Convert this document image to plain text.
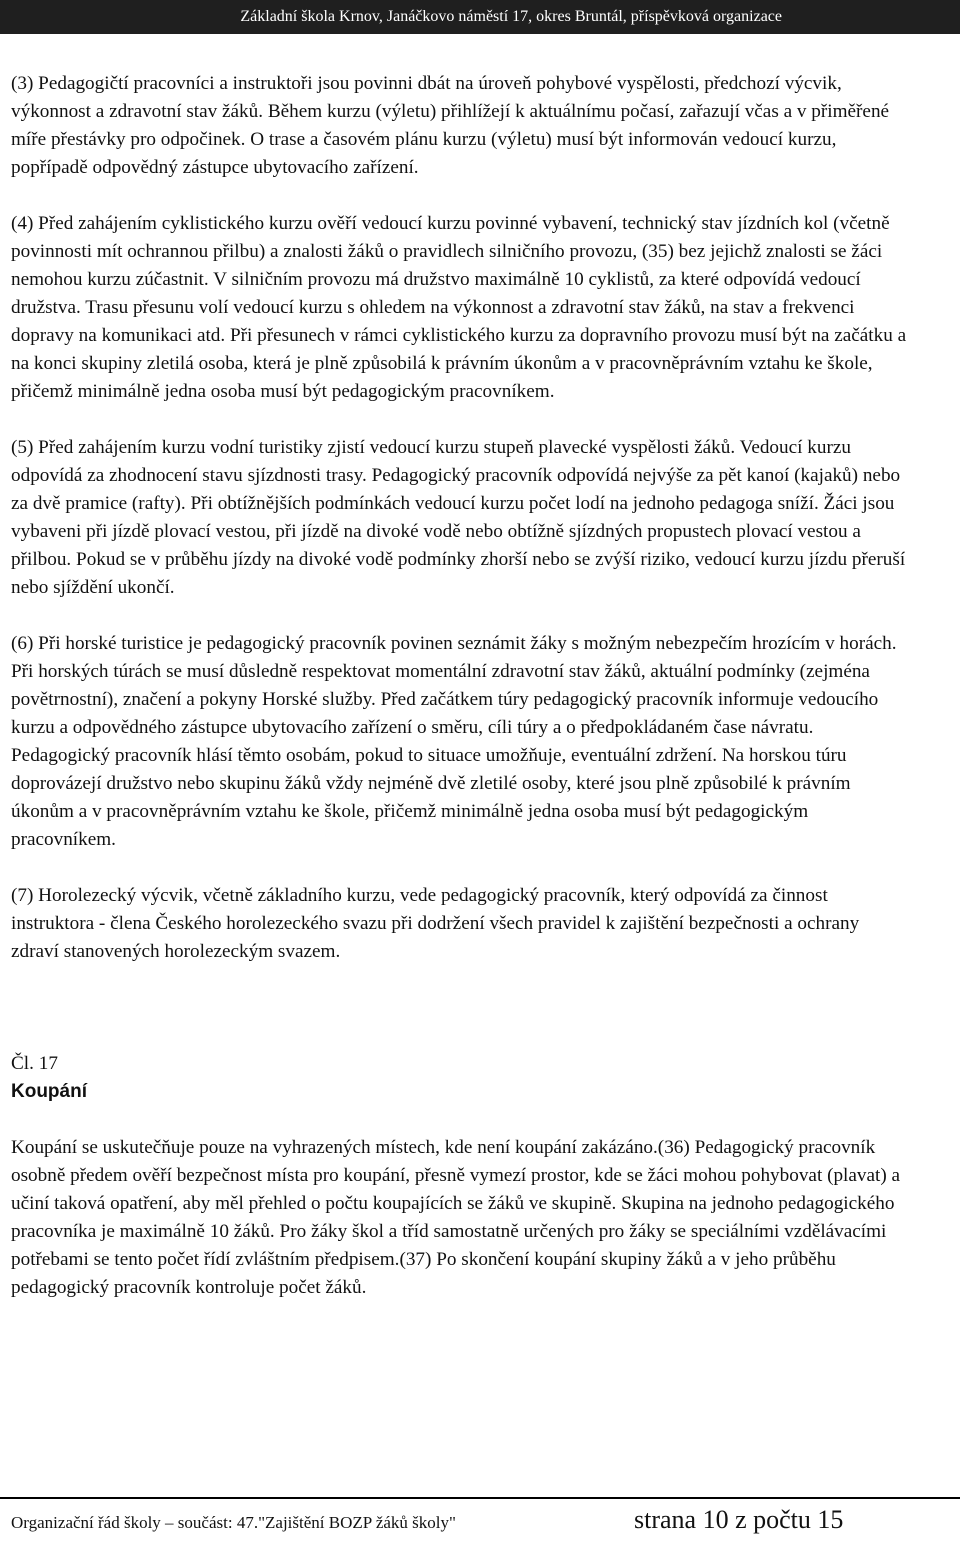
Základní škola Krnov, Janáčkovo náměstí 17, okres Bruntál, příspěvková organizace

(3) Pedagogičtí pracovníci a instruktoři jsou povinni dbát na úroveň pohybové vyspělosti, předchozí výcvik, výkonnost a zdravotní stav žáků. Během kurzu (výletu) přihlížejí k aktuálnímu počasí, zařazují včas a v přiměřené míře přestávky pro odpočinek. O trase a časovém plánu kurzu (výletu) musí být informován vedoucí kurzu, popřípadě odpovědný zástupce ubytovacího zařízení.

(4) Před zahájením cyklistického kurzu ověří vedoucí kurzu povinné vybavení, technický stav jízdních kol (včetně povinnosti mít ochrannou přilbu) a znalosti žáků o pravidlech silničního provozu, (35) bez jejichž znalosti se žáci nemohou kurzu zúčastnit. V silničním provozu má družstvo maximálně 10 cyklistů, za které odpovídá vedoucí družstva. Trasu přesunu volí vedoucí kurzu s ohledem na výkonnost a zdravotní stav žáků, na stav a frekvenci dopravy na komunikaci atd. Při přesunech v rámci cyklistického kurzu za dopravního provozu musí být na začátku a na konci skupiny zletilá osoba, která je plně způsobilá k právním úkonům a v pracovněprávním vztahu ke škole, přičemž minimálně jedna osoba musí být pedagogickým pracovníkem.

(5) Před zahájením kurzu vodní turistiky zjistí vedoucí kurzu stupeň plavecké vyspělosti žáků. Vedoucí kurzu odpovídá za zhodnocení stavu sjízdnosti trasy. Pedagogický pracovník odpovídá nejvýše za pět kanoí (kajaků) nebo za dvě pramice (rafty). Při obtížnějších podmínkách vedoucí kurzu počet lodí na jednoho pedagoga sníží. Žáci jsou vybaveni při jízdě plovací vestou, při jízdě na divoké vodě nebo obtížně sjízdných propustech plovací vestou a přilbou. Pokud se v průběhu jízdy na divoké vodě podmínky zhorší nebo se zvýší riziko, vedoucí kurzu jízdu přeruší nebo sjíždění ukončí.

(6) Při horské turistice je pedagogický pracovník povinen seznámit žáky s možným nebezpečím hrozícím v horách. Při horských túrách se musí důsledně respektovat momentální zdravotní stav žáků, aktuální podmínky (zejména povětrnostní), značení a pokyny Horské služby. Před začátkem túry pedagogický pracovník informuje vedoucího kurzu a odpovědného zástupce ubytovacího zařízení o směru, cíli túry a o předpokládaném čase návratu. Pedagogický pracovník hlásí těmto osobám, pokud to situace umožňuje, eventuální zdržení. Na horskou túru doprovázejí družstvo nebo skupinu žáků vždy nejméně dvě zletilé osoby, které jsou plně způsobilé k právním úkonům a v pracovněprávním vztahu ke škole, přičemž minimálně jedna osoba musí být pedagogickým pracovníkem.

(7) Horolezecký výcvik, včetně základního kurzu, vede pedagogický pracovník, který odpovídá za činnost instruktora - člena Českého horolezeckého svazu při dodržení všech pravidel k zajištění bezpečnosti a ochrany zdraví stanovených horolezeckým svazem.

Čl. 17

Koupání

Koupání se uskutečňuje pouze na vyhrazených místech, kde není koupání zakázáno.(36) Pedagogický pracovník osobně předem ověří bezpečnost místa pro koupání, přesně vymezí prostor, kde se žáci mohou pohybovat (plavat) a učiní taková opatření, aby měl přehled o počtu koupajících se žáků ve skupině. Skupina na jednoho pedagogického pracovníka je maximálně 10 žáků. Pro žáky škol a tříd samostatně určených pro žáky se speciálními vzdělávacími potřebami se tento počet řídí zvláštním předpisem.(37) Po skončení koupání skupiny žáků a v jeho průběhu pedagogický pracovník kontroluje počet žáků.

Organizační řád školy – součást: 47."Zajištění BOZP žáků školy"	strana 10 z počtu 15
